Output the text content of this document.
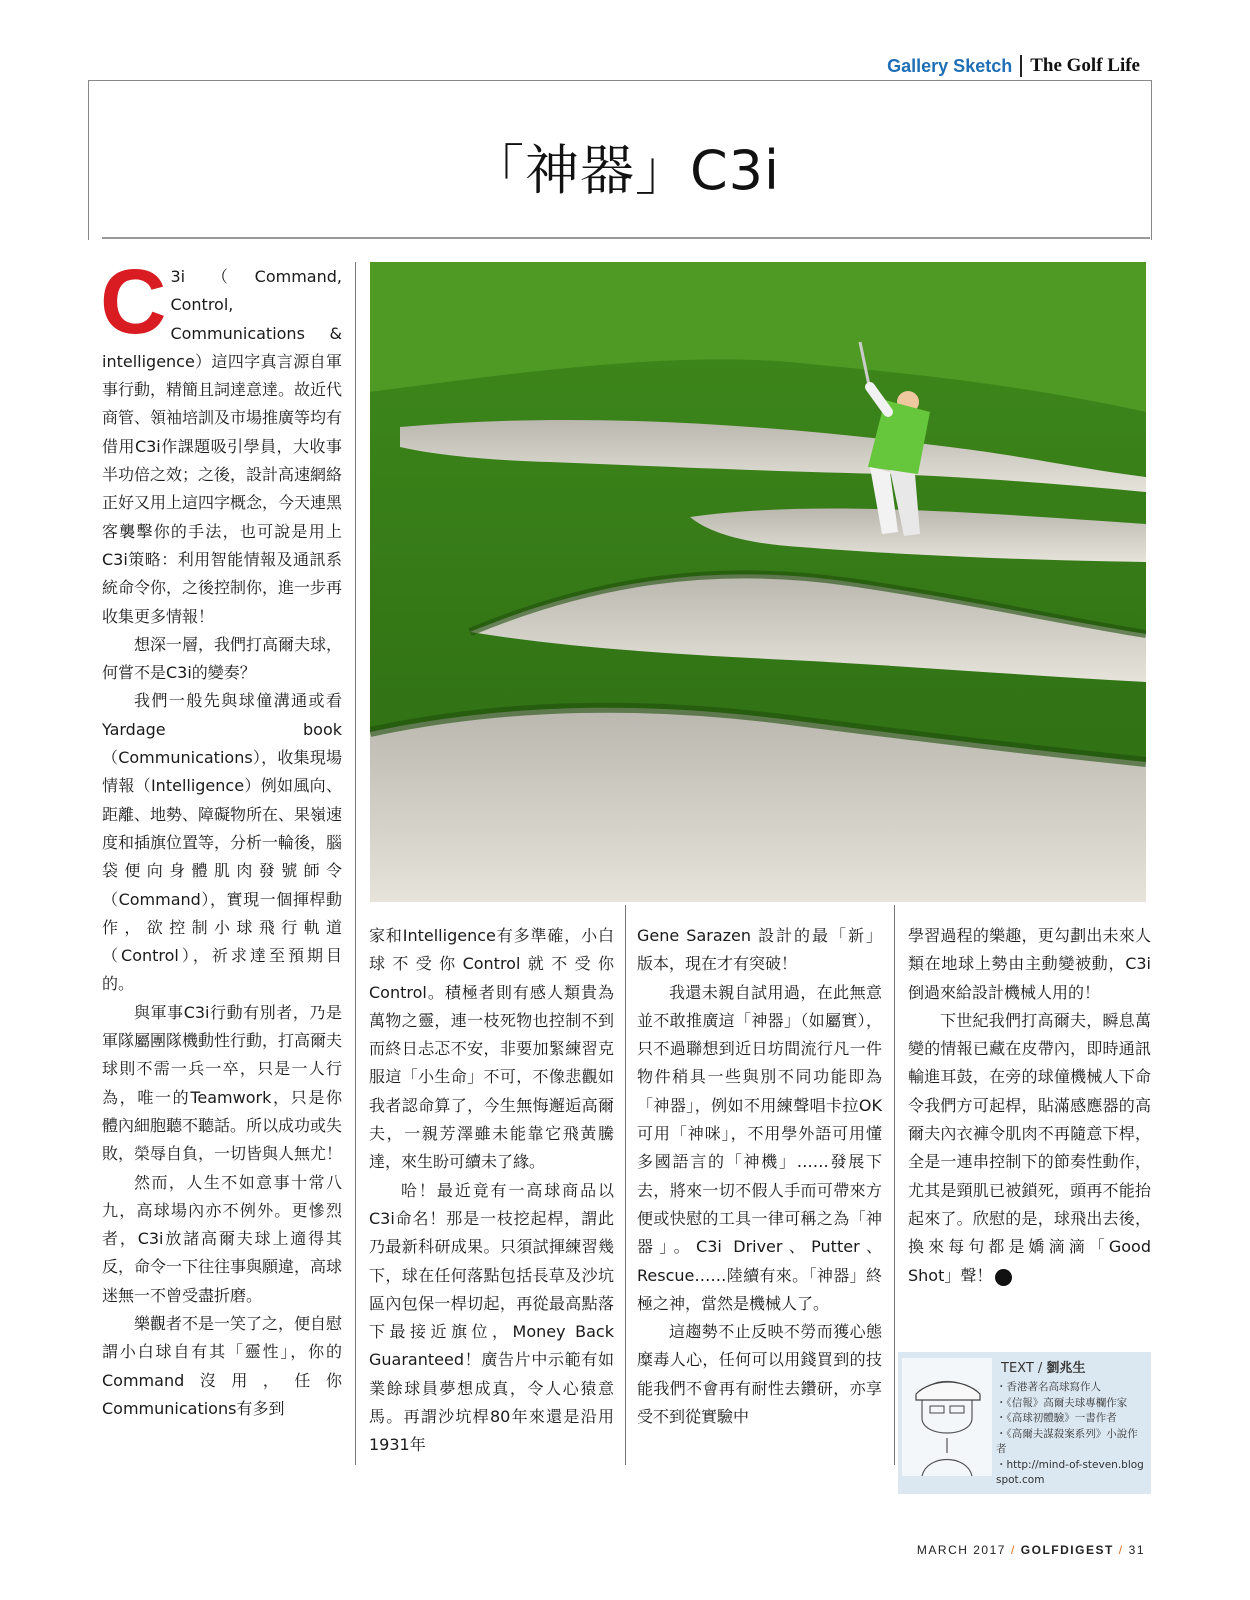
Gallery Sketch The Golf Life
「神器」C3i

C 3i（Command, Control, Communications & intelligence）這四字真言源自軍事行動，精簡且詞達意達。故近代商管、領袖培訓及市場推廣等均有借用C3i作課題吸引學員，大收事半功倍之效；之後，設計高速網絡正好又用上這四字概念，今天連黑客襲擊你的手法，也可說是用上C3i策略：利用智能情報及通訊系統命令你，之後控制你，進一步再收集更多情報！

想深一層，我們打高爾夫球，何嘗不是C3i的變奏？

我們一般先與球僮溝通或看Yardage book（Communications），收集現場情報（Intelligence）例如風向、距離、地勢、障礙物所在、果嶺速度和插旗位置等，分析一輪後，腦袋便向身體肌肉發號師令（Command），實現一個揮桿動作，欲控制小球飛行軌道（Control），祈求達至預期目的。

與軍事C3i行動有別者，乃是軍隊屬團隊機動性行動，打高爾夫球則不需一兵一卒，只是一人行為，唯一的Teamwork，只是你體內細胞聽不聽話。所以成功或失敗，榮辱自負，一切皆與人無尤！

然而，人生不如意事十常八九，高球場內亦不例外。更慘烈者，C3i放諸高爾夫球上適得其反，命令一下往往事與願違，高球迷無一不曾受盡折磨。

樂觀者不是一笑了之，便自慰謂小白球自有其「靈性」，你的Command沒用，任你Communications有多到

家和Intelligence有多準確，小白球不受你Control就不受你Control。積極者則有感人類貴為萬物之靈，連一枝死物也控制不到而終日忐忑不安，非要加緊練習克服這「小生命」不可，不像悲觀如我者認命算了，今生無悔邂逅高爾夫，一親芳澤雖未能靠它飛黃騰達，來生盼可續未了緣。

哈！最近竟有一高球商品以C3i命名！那是一枝挖起桿，謂此乃最新科研成果。只須試揮練習幾下，球在任何落點包括長草及沙坑區內包保一桿切起，再從最高點落下最接近旗位，Money Back Guaranteed！廣告片中示範有如業餘球員夢想成真，令人心猿意馬。再謂沙坑桿80年來還是沿用1931年

Gene Sarazen 設計的最「新」版本，現在才有突破！

我還未親自試用過，在此無意並不敢推廣這「神器」（如屬實），只不過聯想到近日坊間流行凡一件物件稍具一些與別不同功能即為「神器」，例如不用練聲唱卡拉OK可用「神咪」，不用學外語可用懂多國語言的「神機」……發展下去，將來一切不假人手而可帶來方便或快慰的工具一律可稱之為「神器」。C3i Driver、Putter、Rescue……陸續有來。「神器」終極之神，當然是機械人了。

這趨勢不止反映不勞而獲心態糜毒人心，任何可以用錢買到的技能我們不會再有耐性去鑽研，亦享受不到從實驗中

學習過程的樂趣，更勾劃出未來人類在地球上勢由主動變被動，C3i倒過來給設計機械人用的！

下世紀我們打高爾夫，瞬息萬變的情報已藏在皮帶內，即時通訊輸進耳鼓，在旁的球僮機械人下命令我們方可起桿，貼滿感應器的高爾夫內衣褲令肌肉不再隨意下桿，全是一連串控制下的節奏性動作，尤其是頸肌已被鎖死，頭再不能抬起來了。欣慰的是，球飛出去後，換來每句都是嬌滴滴「Good Shot」聲！	G

TEXT / 劉兆生
・ 香港著名高球寫作人
・ 《信報》高爾夫球專欄作家
・ 《高球初體驗》一書作者
・ 《高爾夫謀殺案系列》小說作者
・ http://mind-of-steven.blogspot.com
MARCH 2017 / GOLFDIGEST / 31
